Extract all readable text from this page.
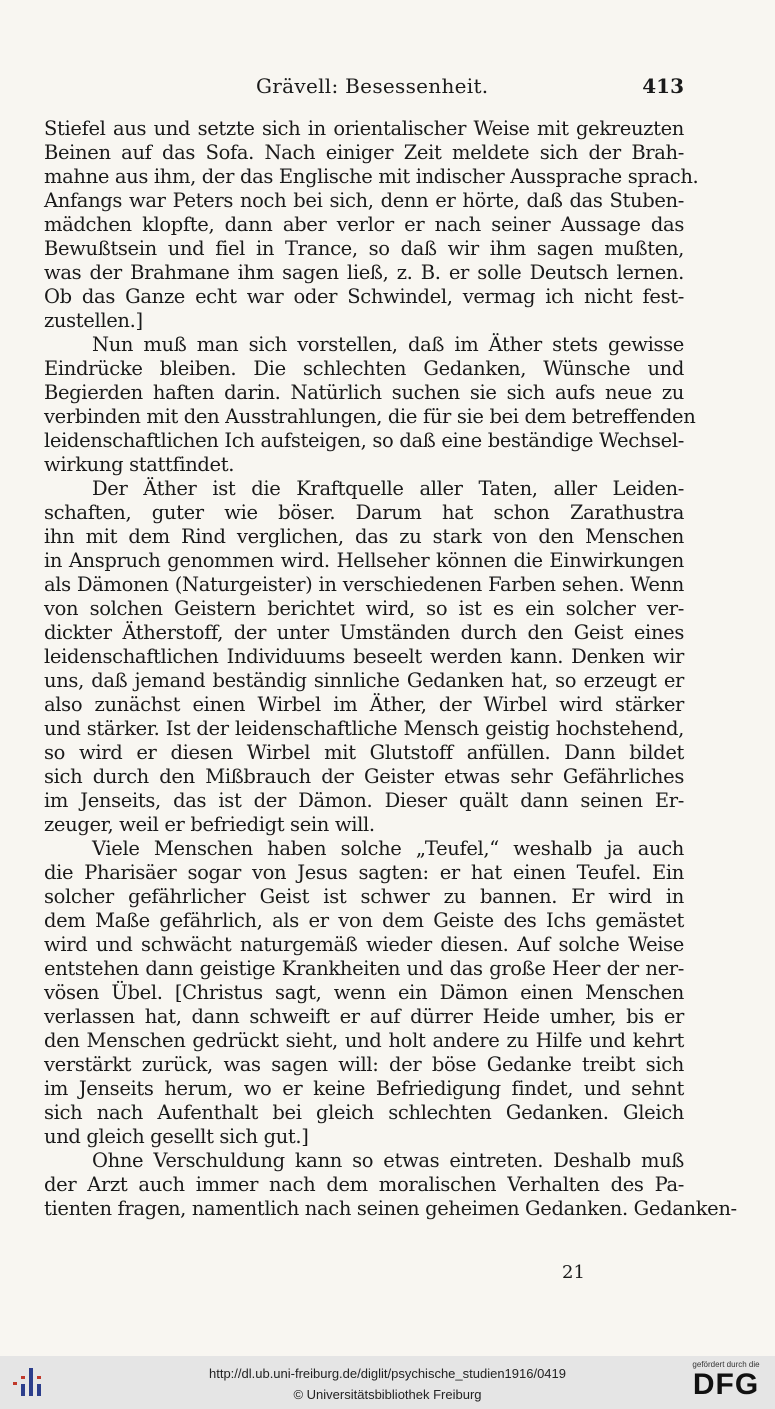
Grävell: Besessenheit.	413
Stiefel aus und setzte sich in orientalischer Weise mit gekreuzten
Beinen auf das Sofa. Nach einiger Zeit meldete sich der Brah-
mahne aus ihm, der das Englische mit indischer Aussprache sprach.
Anfangs war Peters noch bei sich, denn er hörte, daß das Stuben-
mädchen klopfte, dann aber verlor er nach seiner Aussage das
Bewußtsein und fiel in Trance, so daß wir ihm sagen mußten,
was der Brahmane ihm sagen ließ, z. B. er solle Deutsch lernen.
Ob das Ganze echt war oder Schwindel, vermag ich nicht fest-
zustellen.]
Nun muß man sich vorstellen, daß im Äther stets gewisse
Eindrücke bleiben. Die schlechten Gedanken, Wünsche und
Begierden haften darin. Natürlich suchen sie sich aufs neue zu
verbinden mit den Ausstrahlungen, die für sie bei dem betreffenden
leidenschaftlichen Ich aufsteigen, so daß eine beständige Wechsel-
wirkung stattfindet.
Der Äther ist die Kraftquelle aller Taten, aller Leiden-
schaften, guter wie böser. Darum hat schon Zarathustra
ihn mit dem Rind verglichen, das zu stark von den Menschen
in Anspruch genommen wird. Hellseher können die Einwirkungen
als Dämonen (Naturgeister) in verschiedenen Farben sehen. Wenn
von solchen Geistern berichtet wird, so ist es ein solcher ver-
dickter Ätherstoff, der unter Umständen durch den Geist eines
leidenschaftlichen Individuums beseelt werden kann. Denken wir
uns, daß jemand beständig sinnliche Gedanken hat, so erzeugt er
also zunächst einen Wirbel im Äther, der Wirbel wird stärker
und stärker. Ist der leidenschaftliche Mensch geistig hochstehend,
so wird er diesen Wirbel mit Glutstoff anfüllen. Dann bildet
sich durch den Mißbrauch der Geister etwas sehr Gefährliches
im Jenseits, das ist der Dämon. Dieser quält dann seinen Er-
zeuger, weil er befriedigt sein will.
Viele Menschen haben solche „Teufel,“ weshalb ja auch
die Pharisäer sogar von Jesus sagten: er hat einen Teufel. Ein
solcher gefährlicher Geist ist schwer zu bannen. Er wird in
dem Maße gefährlich, als er von dem Geiste des Ichs gemästet
wird und schwächt naturgemäß wieder diesen. Auf solche Weise
entstehen dann geistige Krankheiten und das große Heer der ner-
vösen Übel. [Christus sagt, wenn ein Dämon einen Menschen
verlassen hat, dann schweift er auf dürrer Heide umher, bis er
den Menschen gedrückt sieht, und holt andere zu Hilfe und kehrt
verstärkt zurück, was sagen will: der böse Gedanke treibt sich
im Jenseits herum, wo er keine Befriedigung findet, und sehnt
sich nach Aufenthalt bei gleich schlechten Gedanken. Gleich
und gleich gesellt sich gut.]
Ohne Verschuldung kann so etwas eintreten. Deshalb muß
der Arzt auch immer nach dem moralischen Verhalten des Pa-
tienten fragen, namentlich nach seinen geheimen Gedanken. Gedanken-
21
http://dl.ub.uni-freiburg.de/diglit/psychische_studien1916/0419
© Universitätsbibliothek Freiburg
gefördert durch die
DFG
